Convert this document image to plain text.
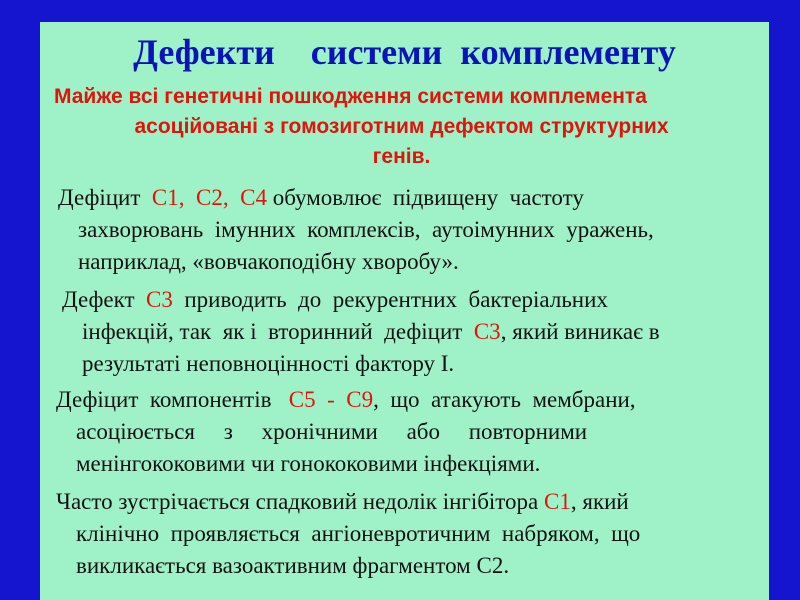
Дефекти    системи  комплементу
Майже всі генетичні пошкодження системи комплемента
асоційовані з гомозиготним дефектом структурних
генів.
Дефіцит  С1,  С2,  С4 обумовлює  підвищену  частоту
захворювань  імунних  комплексів,  аутоімунних  уражень,
наприклад, «вовчакоподібну хворобу».
Дефект  С3  приводить  до  рекурентних  бактеріальних
інфекцій, так  як і  вторинний  дефіцит  С3, який виникає в
результаті неповноцінності фактору І.
Дефіцит  компонентів   С5  -  С9,  що  атакують  мембрани,
асоціюється     з     хронічними     або     повторними
менінгококовими чи гонококовими інфекціями.
Часто зустрічається спадковий недолік інгібітора С1, який
клінічно  проявляється  ангіоневротичним  набряком,  що
викликається вазоактивним фрагментом С2.
